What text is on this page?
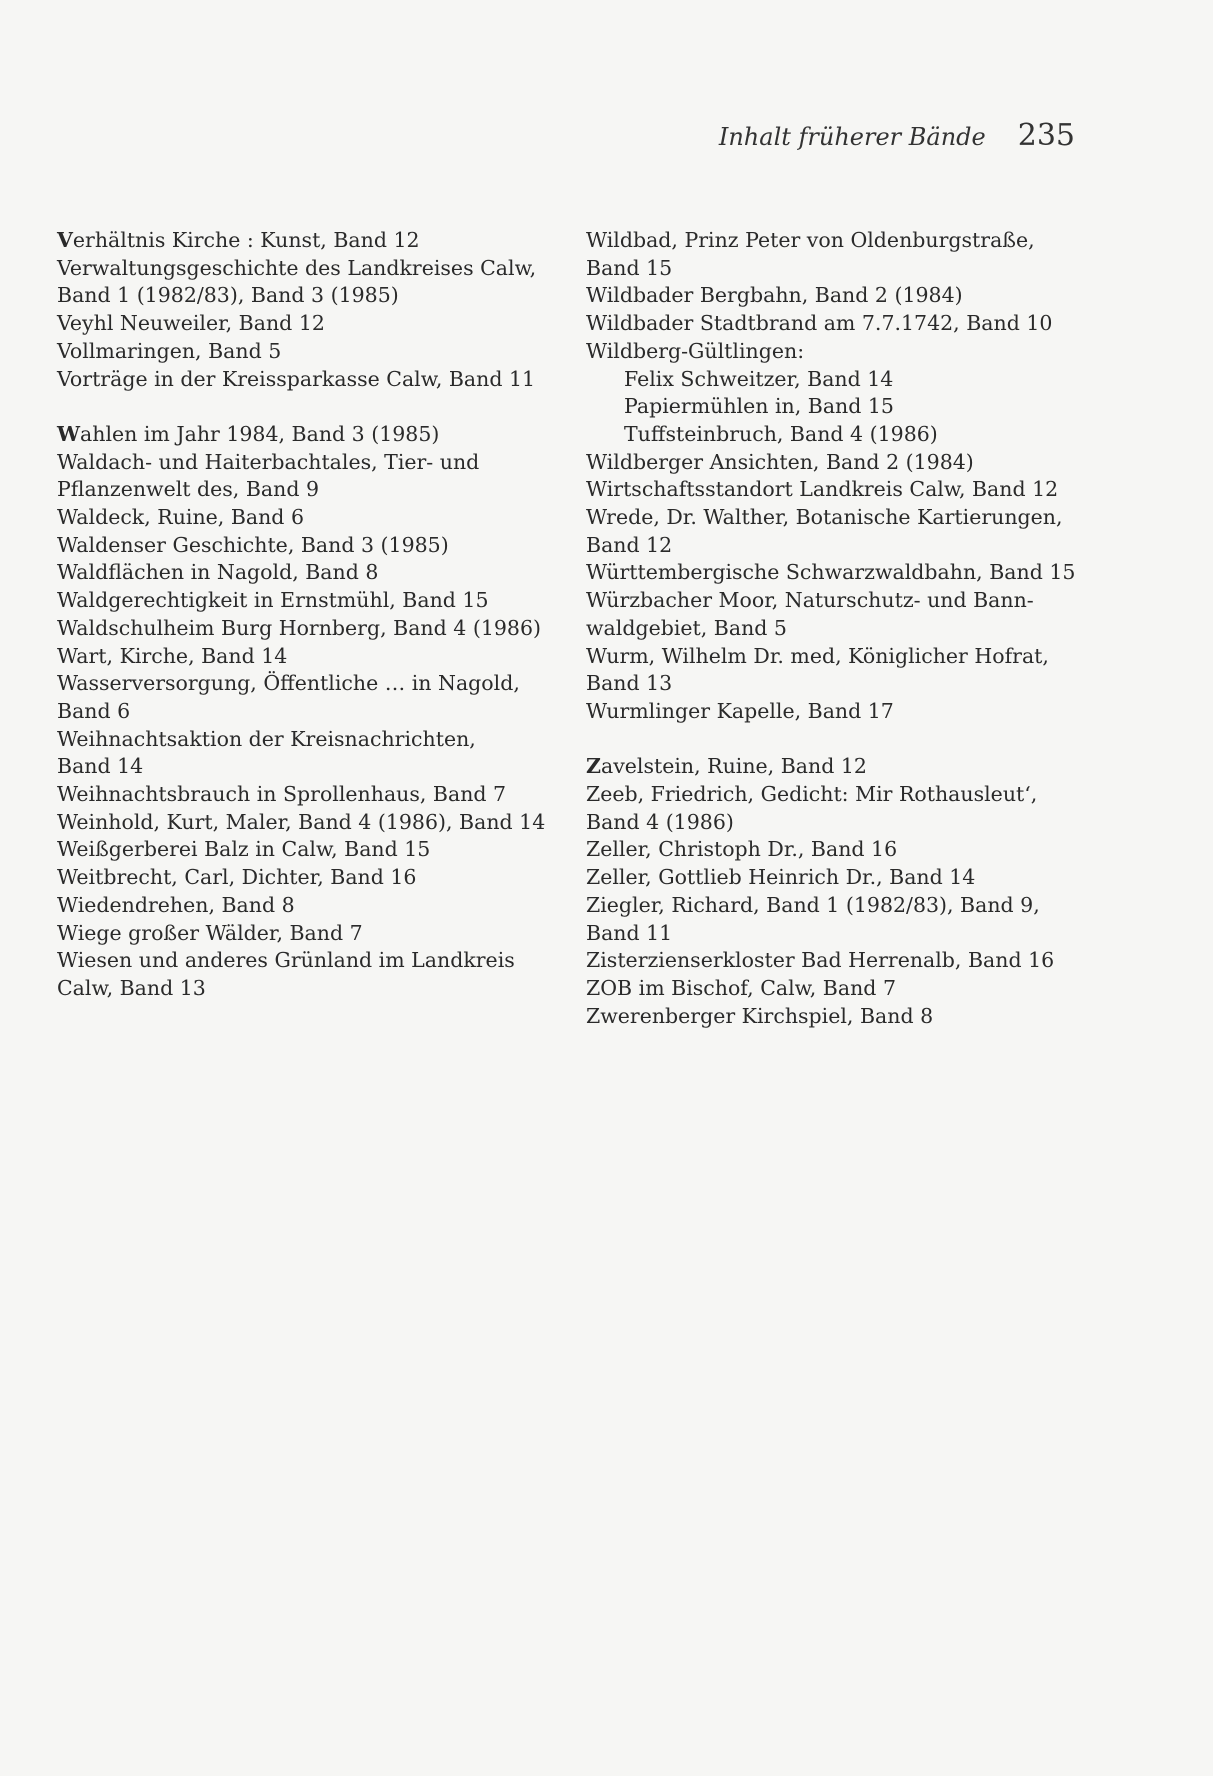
Inhalt früherer Bände 235

Verhältnis Kirche : Kunst, Band 12

Verwaltungsgeschichte des Landkreises Calw,

Band 1 (1982/83), Band 3 (1985)

Veyhl Neuweiler, Band 12

Vollmaringen, Band 5

Vorträge in der Kreissparkasse Calw, Band 11

Wahlen im Jahr 1984, Band 3 (1985)

Waldach- und Haiterbachtales, Tier- und

Pflanzenwelt des, Band 9

Waldeck, Ruine, Band 6

Waldenser Geschichte, Band 3 (1985)

Waldflächen in Nagold, Band 8

Waldgerechtigkeit in Ernstmühl, Band 15

Waldschulheim Burg Hornberg, Band 4 (1986)

Wart, Kirche, Band 14

Wasserversorgung, Öffentliche … in Nagold,

Band 6

Weihnachtsaktion der Kreisnachrichten,

Band 14

Weihnachtsbrauch in Sprollenhaus, Band 7

Weinhold, Kurt, Maler, Band 4 (1986), Band 14

Weißgerberei Balz in Calw, Band 15

Weitbrecht, Carl, Dichter, Band 16

Wiedendrehen, Band 8

Wiege großer Wälder, Band 7

Wiesen und anderes Grünland im Landkreis

Calw, Band 13

Wildbad, Prinz Peter von Oldenburgstraße,

Band 15

Wildbader Bergbahn, Band 2 (1984)

Wildbader Stadtbrand am 7.7.1742, Band 10

Wildberg-Gültlingen:

Felix Schweitzer, Band 14

Papiermühlen in, Band 15

Tuffsteinbruch, Band 4 (1986)

Wildberger Ansichten, Band 2 (1984)

Wirtschaftsstandort Landkreis Calw, Band 12

Wrede, Dr. Walther, Botanische Kartierungen,

Band 12

Württembergische Schwarzwaldbahn, Band 15

Würzbacher Moor, Naturschutz- und Bann-

waldgebiet, Band 5

Wurm, Wilhelm Dr. med, Königlicher Hofrat,

Band 13

Wurmlinger Kapelle, Band 17

Zavelstein, Ruine, Band 12

Zeeb, Friedrich, Gedicht: Mir Rothausleut‘,

Band 4 (1986)

Zeller, Christoph Dr., Band 16

Zeller, Gottlieb Heinrich Dr., Band 14

Ziegler, Richard, Band 1 (1982/83), Band 9,

Band 11

Zisterzienserkloster Bad Herrenalb, Band 16

ZOB im Bischof, Calw, Band 7

Zwerenberger Kirchspiel, Band 8
